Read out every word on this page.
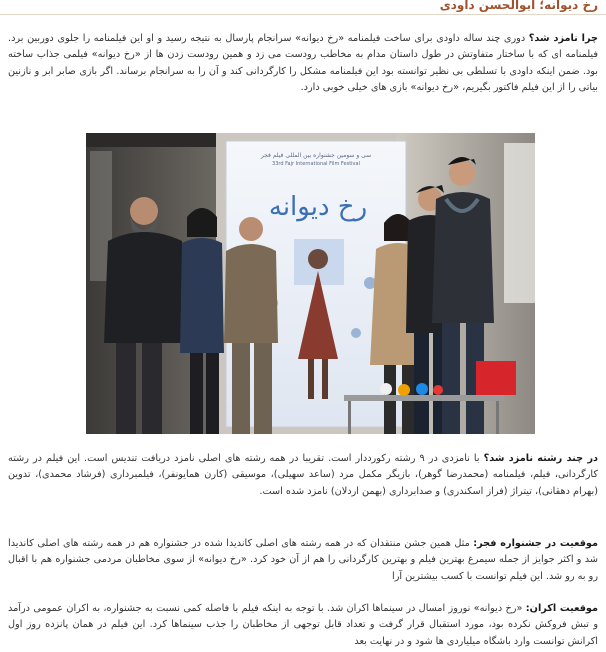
رخ دیوانه؛ ابوالحسن داودی
چرا نامزد شد؟ دوری چند ساله داودی برای ساخت فیلمنامه «رخ دیوانه» سرانجام پارسال به نتیجه رسید و او این فیلمنامه را جلوی دوربین برد. فیلمنامه ای که با ساختار متفاوتش در طول داستان مدام به مخاطب رودست می زد و همین رودست زدن ها از «رخ دیوانه» فیلمی جذاب ساخته بود. ضمن اینکه داودی با تسلطی بی نظیر توانسته بود این فیلمنامه مشکل را کارگردانی کند و آن را به سرانجام برساند. اگر بازی صابر ابر و نازنین بیاتی را از این فیلم فاکتور بگیریم، «رخ دیوانه» بازی های خیلی خوبی دارد.
سی و سومین جشنواره بین المللی فیلم فجر
33rd Fajr International Film Festival
رخ دیوانه
در چند رشته نامزد شد؟ با نامزدی در ۹ رشته رکورددار است. تقریبا در همه رشته های اصلی نامزد دریافت تندیس است. این فیلم در رشته کارگردانی، فیلم، فیلمنامه (محمدرضا گوهر)، بازیگر مکمل مرد (ساعد سهیلی)، موسیقی (کارن همایونفر)، فیلمبرداری (فرشاد محمدی)، تدوین (بهرام دهقانی)، تیتراژ (فراز اسکندری) و صدابرداری (بهمن اردلان) نامزد شده است.
موقعیت در جشنواره فجر: مثل همین جشن منتقدان که در همه رشته های اصلی کاندیدا شده در جشنواره هم در همه رشته های اصلی کاندیدا شد و اکثر جوایز از جمله سیمرغ بهترین فیلم و بهترین کارگردانی را هم از آن خود کرد. «رخ دیوانه» از سوی مخاطبان مردمی جشنواره هم با اقبال رو به رو شد. این فیلم توانست با کسب بیشترین آرا
موقعیت اکران: «رخ دیوانه» نوروز امسال در سینماها اکران شد. با توجه به اینکه فیلم با فاصله کمی نسبت به جشنواره، به اکران عمومی درآمد و تبش فروکش نکرده بود، مورد استقبال قرار گرفت و تعداد قابل توجهی از مخاطبان را جذب سینماها کرد. این فیلم در همان پانزده روز اول اکرانش توانست وارد باشگاه میلیاردی ها شود و در نهایت بعد
